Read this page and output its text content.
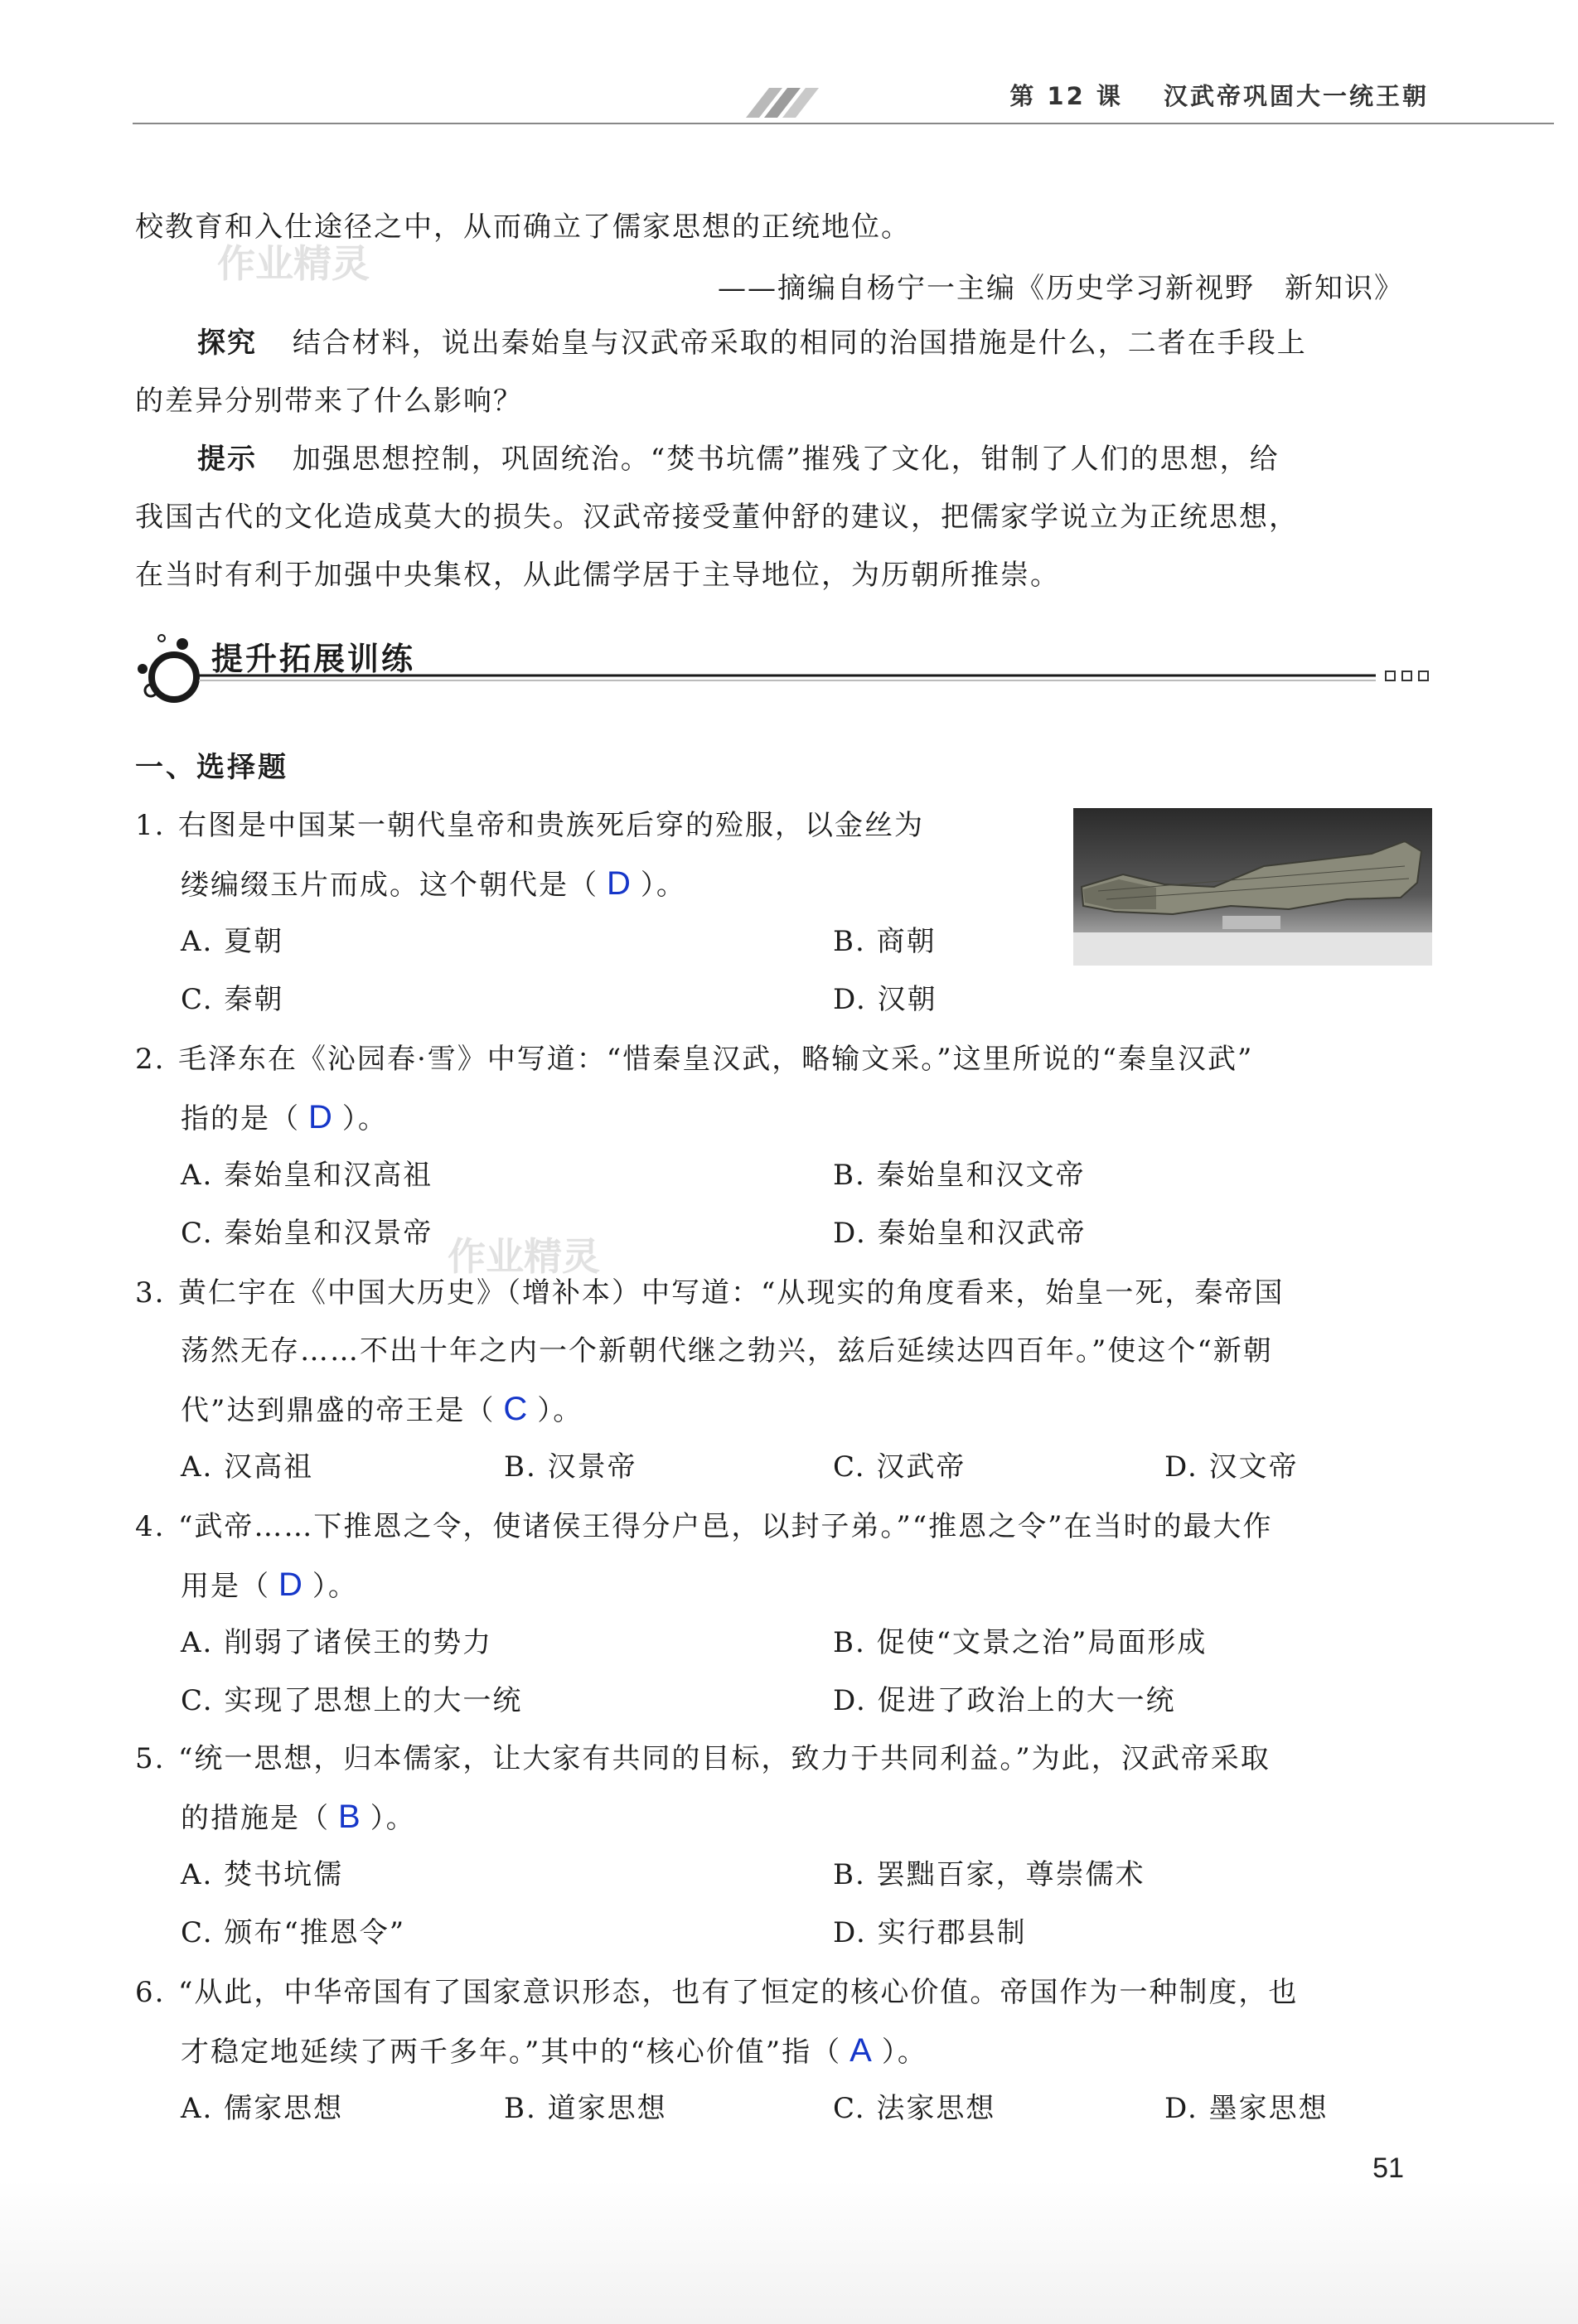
第 12 课 汉武帝巩固大一统王朝
校教育和入仕途径之中，从而确立了儒家思想的正统地位。
作业精灵
——摘编自杨宁一主编《历史学习新视野　新知识》
探究 结合材料，说出秦始皇与汉武帝采取的相同的治国措施是什么，二者在手段上
的差异分别带来了什么影响？
提示 加强思想控制，巩固统治。“焚书坑儒”摧残了文化，钳制了人们的思想，给
我国古代的文化造成莫大的损失。汉武帝接受董仲舒的建议，把儒家学说立为正统思想，
在当时有利于加强中央集权，从此儒学居于主导地位，为历朝所推崇。
提升拓展训练
一、选择题
1. 右图是中国某一朝代皇帝和贵族死后穿的殓服，以金丝为
缕编缀玉片而成。这个朝代是（ D ）。
A. 夏朝	B. 商朝
C. 秦朝	D. 汉朝
2. 毛泽东在《沁园春·雪》中写道：“惜秦皇汉武，略输文采。”这里所说的“秦皇汉武”
指的是（ D ）。
A. 秦始皇和汉高祖	B. 秦始皇和汉文帝
C. 秦始皇和汉景帝	D. 秦始皇和汉武帝
作业精灵
3. 黄仁宇在《中国大历史》（增补本）中写道：“从现实的角度看来，始皇一死，秦帝国
荡然无存……不出十年之内一个新朝代继之勃兴，兹后延续达四百年。”使这个“新朝
代”达到鼎盛的帝王是（ C ）。
A. 汉高祖	B. 汉景帝	C. 汉武帝	D. 汉文帝
4. “武帝……下推恩之令，使诸侯王得分户邑，以封子弟。”“推恩之令”在当时的最大作
用是（ D ）。
A. 削弱了诸侯王的势力	B. 促使“文景之治”局面形成
C. 实现了思想上的大一统	D. 促进了政治上的大一统
5. “统一思想，归本儒家，让大家有共同的目标，致力于共同利益。”为此，汉武帝采取
的措施是（ B ）。
A. 焚书坑儒	B. 罢黜百家，尊崇儒术
C. 颁布“推恩令”	D. 实行郡县制
6. “从此，中华帝国有了国家意识形态，也有了恒定的核心价值。帝国作为一种制度，也
才稳定地延续了两千多年。”其中的“核心价值”指（ A ）。
A. 儒家思想	B. 道家思想	C. 法家思想	D. 墨家思想
51
